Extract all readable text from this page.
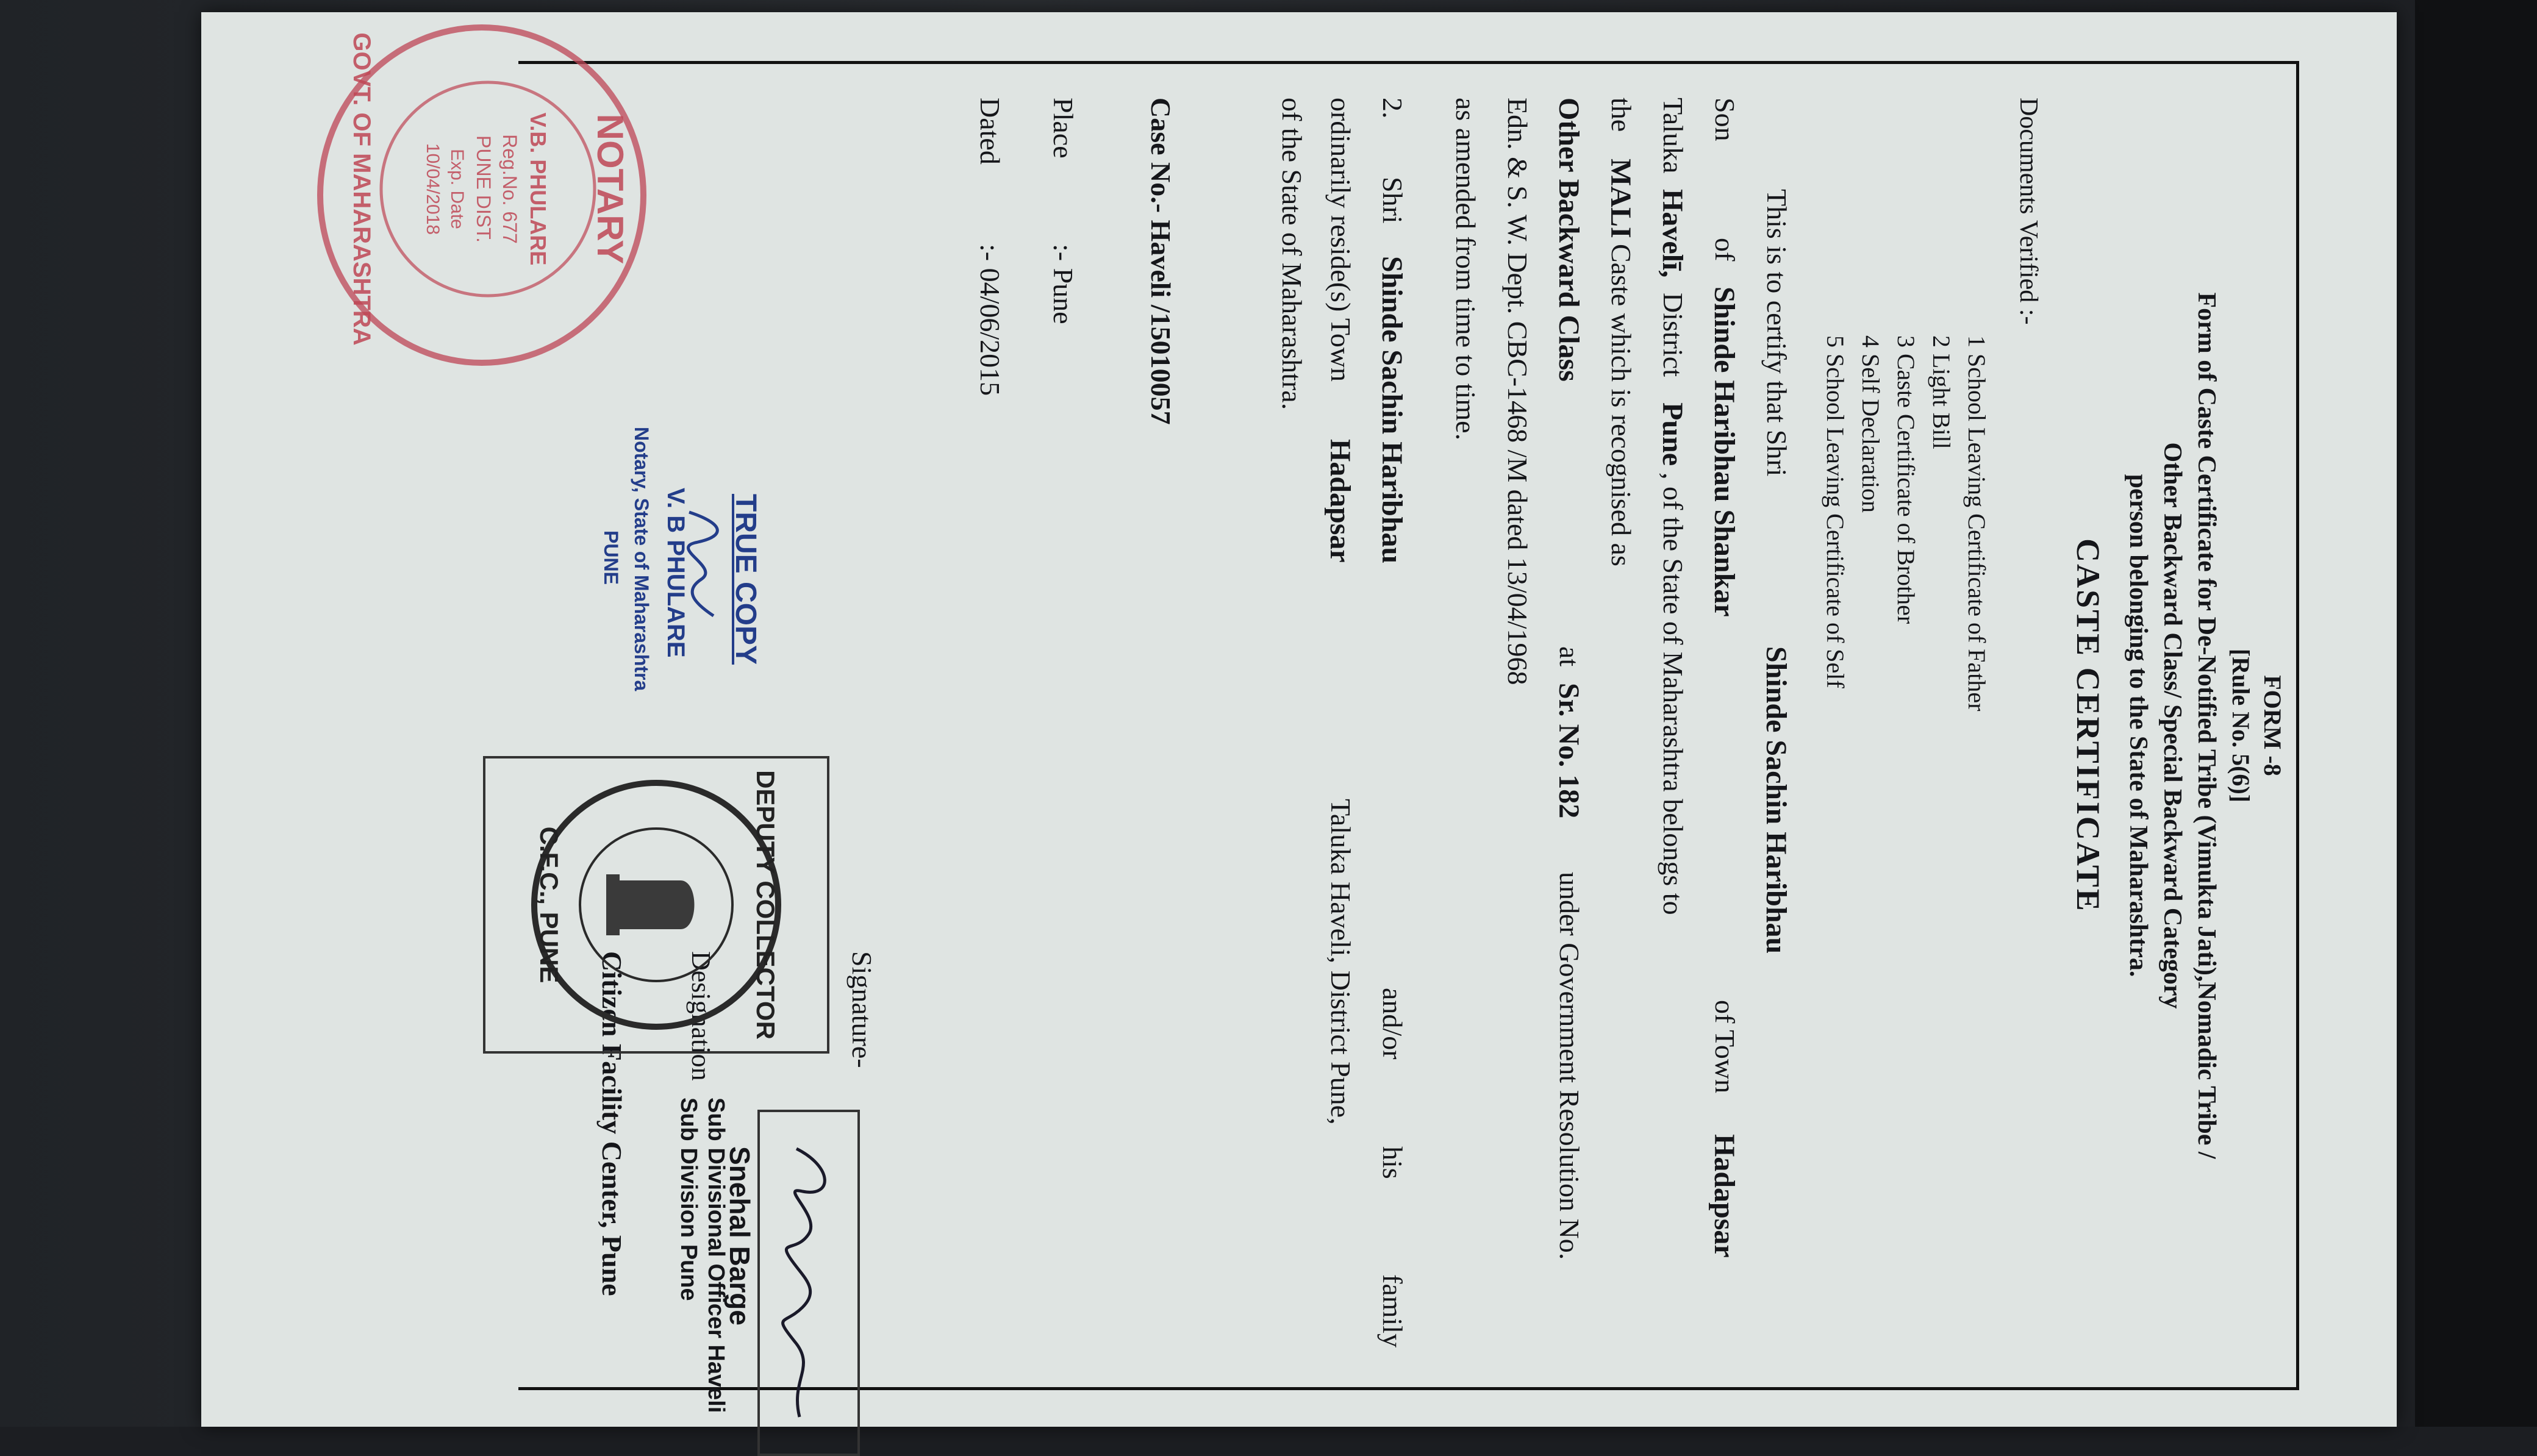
FORM -8
[Rule No. 5(6)]
Form of Caste Certificate for De-Notified Tribe (Vimukta Jati),Nomadic Tribe /
Other Backward Class/ Special Backward Category
person belonging to the State of Maharashtra.
CASTE CERTIFICATE
Documents Verified :-
1 School Leaving Certificate of Father
2 Light Bill
3 Caste Certificate of Brother
4 Self Declaration
5 School Leaving Certificate of Self
This is to certify that Shri
Shinde Sachin Haribhau
Son
of
Shinde Haribhau Shankar
of Town
Hadapsar
Taluka
Havelī,
District
Pune
, of the State of Maharashtra belongs to
the
MALI
Caste which is recognised as
Other Backward Class
at
Sr. No. 182
under Government Resolution No.
Edn. & S. W. Dept. CBC-1468 /M dated 13/04/1968
as amended from time to time.
2.
Shri
Shinde Sachin Haribhau
and/or
his
family
ordinarily reside(s) Town
Hadapsar
Taluka Haveli, District Pune,
of the State of Maharashtra.
Case No.- Haveli /15010057
Place
:- Pune
Dated
:- 04/06/2015
Signature-
Snehal Barge
Designation
Sub Divisional Officer Haveli
Sub Division Pune
Citizen Facility Center, Pune
DEPUTY COLLECTOR
C.F.C., PUNE
NOTARY
GOVT. OF MAHARASHTRA	V.B. PHULARE
Reg.No. 677
PUNE DIST.
Exp. Date
10/04/2018
TRUE COPY
V. B PHULARE
Notary, State of Maharashtra
PUNE
